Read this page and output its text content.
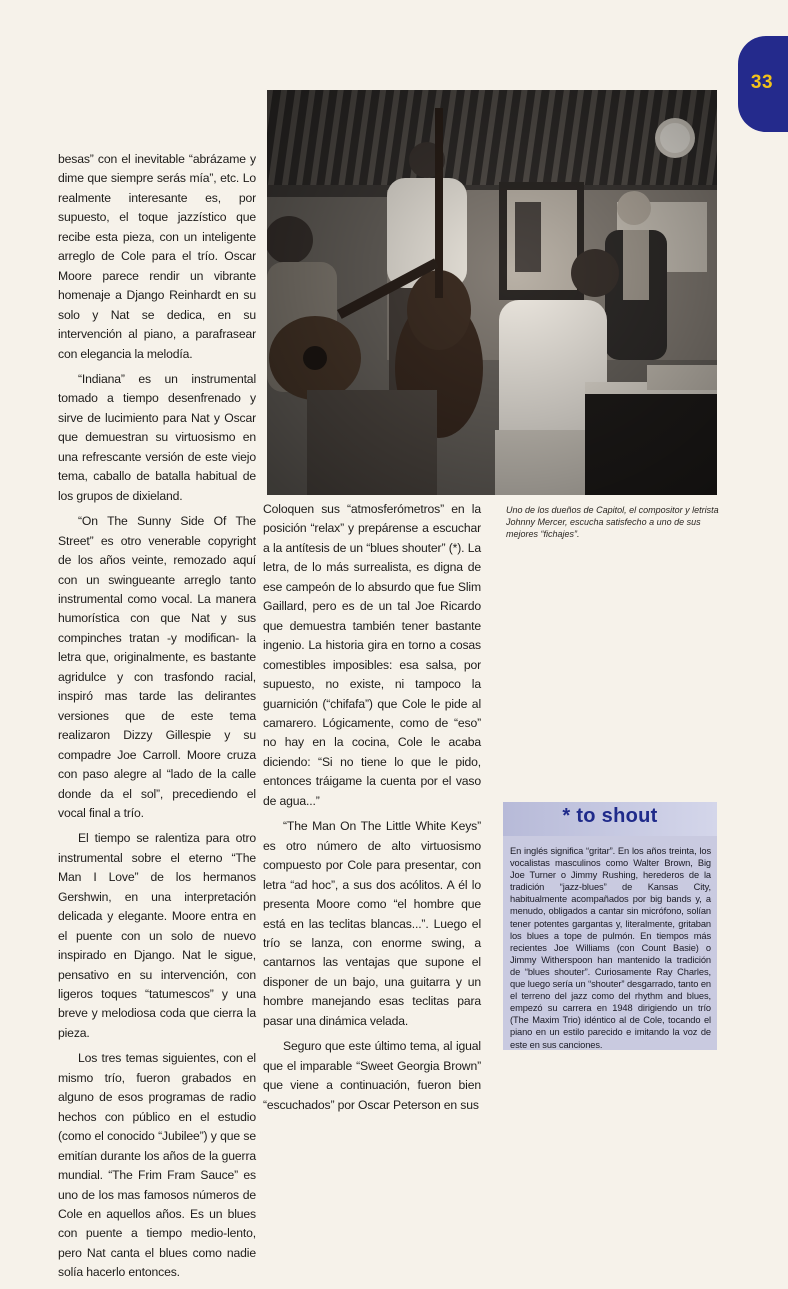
33
Uno de los dueños de Capitol, el compositor y letrista Johnny Mercer, escucha satisfecho a uno de sus mejores “fichajes”.

besas” con el inevitable “abrázame y dime que siempre serás mía”, etc. Lo realmente interesante es, por supuesto, el toque jazzístico que recibe esta pieza, con un inteligente arreglo de Cole para el trío. Oscar Moore parece rendir un vibrante homenaje a Django Reinhardt en su solo y Nat se dedica, en su intervención al piano, a parafrasear con elegancia la melodía.

“Indiana” es un instrumental tomado a tiempo desenfrenado y sirve de lucimiento para Nat y Oscar que demuestran su virtuosismo en una refrescante versión de este viejo tema, caballo de batalla habitual de los grupos de dixieland.

“On The Sunny Side Of The Street” es otro venerable copyright de los años veinte, remozado aquí con un swingueante arreglo tanto instrumental como vocal. La manera humorística con que Nat y sus compinches tratan -y modifican- la letra que, originalmente, es bastante agridulce y con trasfondo racial, inspiró mas tarde las delirantes versiones que de este tema realizaron Dizzy Gillespie y su compadre Joe Carroll. Moore cruza con paso alegre al “lado de la calle donde da el sol”, precediendo el vocal final a trío.

El tiempo se ralentiza para otro instrumental sobre el eterno “The Man I Love” de los hermanos Gershwin, en una interpretación delicada y elegante. Moore entra en el puente con un solo de nuevo inspirado en Django. Nat le sigue, pensativo en su intervención, con ligeros toques “tatumescos” y una breve y melodiosa coda que cierra la pieza.

Los tres temas siguientes, con el mismo trío, fueron grabados en alguno de esos programas de radio hechos con público en el estudio (como el conocido “Jubilee”) y que se emitían durante los años de la guerra mundial. “The Frim Fram Sauce” es uno de los mas famosos números de Cole en aquellos años. Es un blues con puente a tiempo medio-lento, pero Nat canta el blues como nadie solía hacerlo entonces.

Coloquen sus “atmosferómetros” en la posición “relax” y prepárense a escuchar a la antítesis de un “blues shouter” (*). La letra, de lo más surrealista, es digna de ese campeón de lo absurdo que fue Slim Gaillard, pero es de un tal Joe Ricardo que demuestra también tener bastante ingenio. La historia gira en torno a cosas comestibles imposibles: esa salsa, por supuesto, no existe, ni tampoco la guarnición (“chifafa”) que Cole le pide al camarero. Lógicamente, como de “eso” no hay en la cocina, Cole le acaba diciendo: “Si no tiene lo que le pido, entonces tráigame la cuenta por el vaso de agua...”

“The Man On The Little White Keys” es otro número de alto virtuosismo compuesto por Cole para presentar, con letra “ad hoc”, a sus dos acólitos. A él lo presenta Moore como “el hombre que está en las teclitas blancas...”. Luego el trío se lanza, con enorme swing, a cantarnos las ventajas que supone el disponer de un bajo, una guitarra y un hombre manejando esas teclitas para pasar una dinámica velada.

Seguro que este último tema, al igual que el imparable “Sweet Georgia Brown” que viene a continuación, fueron bien “escuchados” por Oscar Peterson en sus

* to shout
En inglés significa “gritar”. En los años treinta, los vocalistas masculinos como Walter Brown, Big Joe Turner o Jimmy Rushing, herederos de la tradición “jazz-blues” de Kansas City, habitualmente acompañados por big bands y, a menudo, obligados a cantar sin micrófono, solían tener potentes gargantas y, literalmente, gritaban los blues a tope de pulmón. En tiempos más recientes Joe Williams (con Count Basie) o Jimmy Witherspoon han mantenido la tradición de “blues shouter”. Curiosamente Ray Charles, que luego sería un “shouter” desgarrado, tanto en el terreno del jazz como del rhythm and blues, empezó su carrera en 1948 dirigiendo un trío (The Maxim Trio) idéntico al de Cole, tocando el piano en un estilo parecido e imitando la voz de este en sus canciones.
